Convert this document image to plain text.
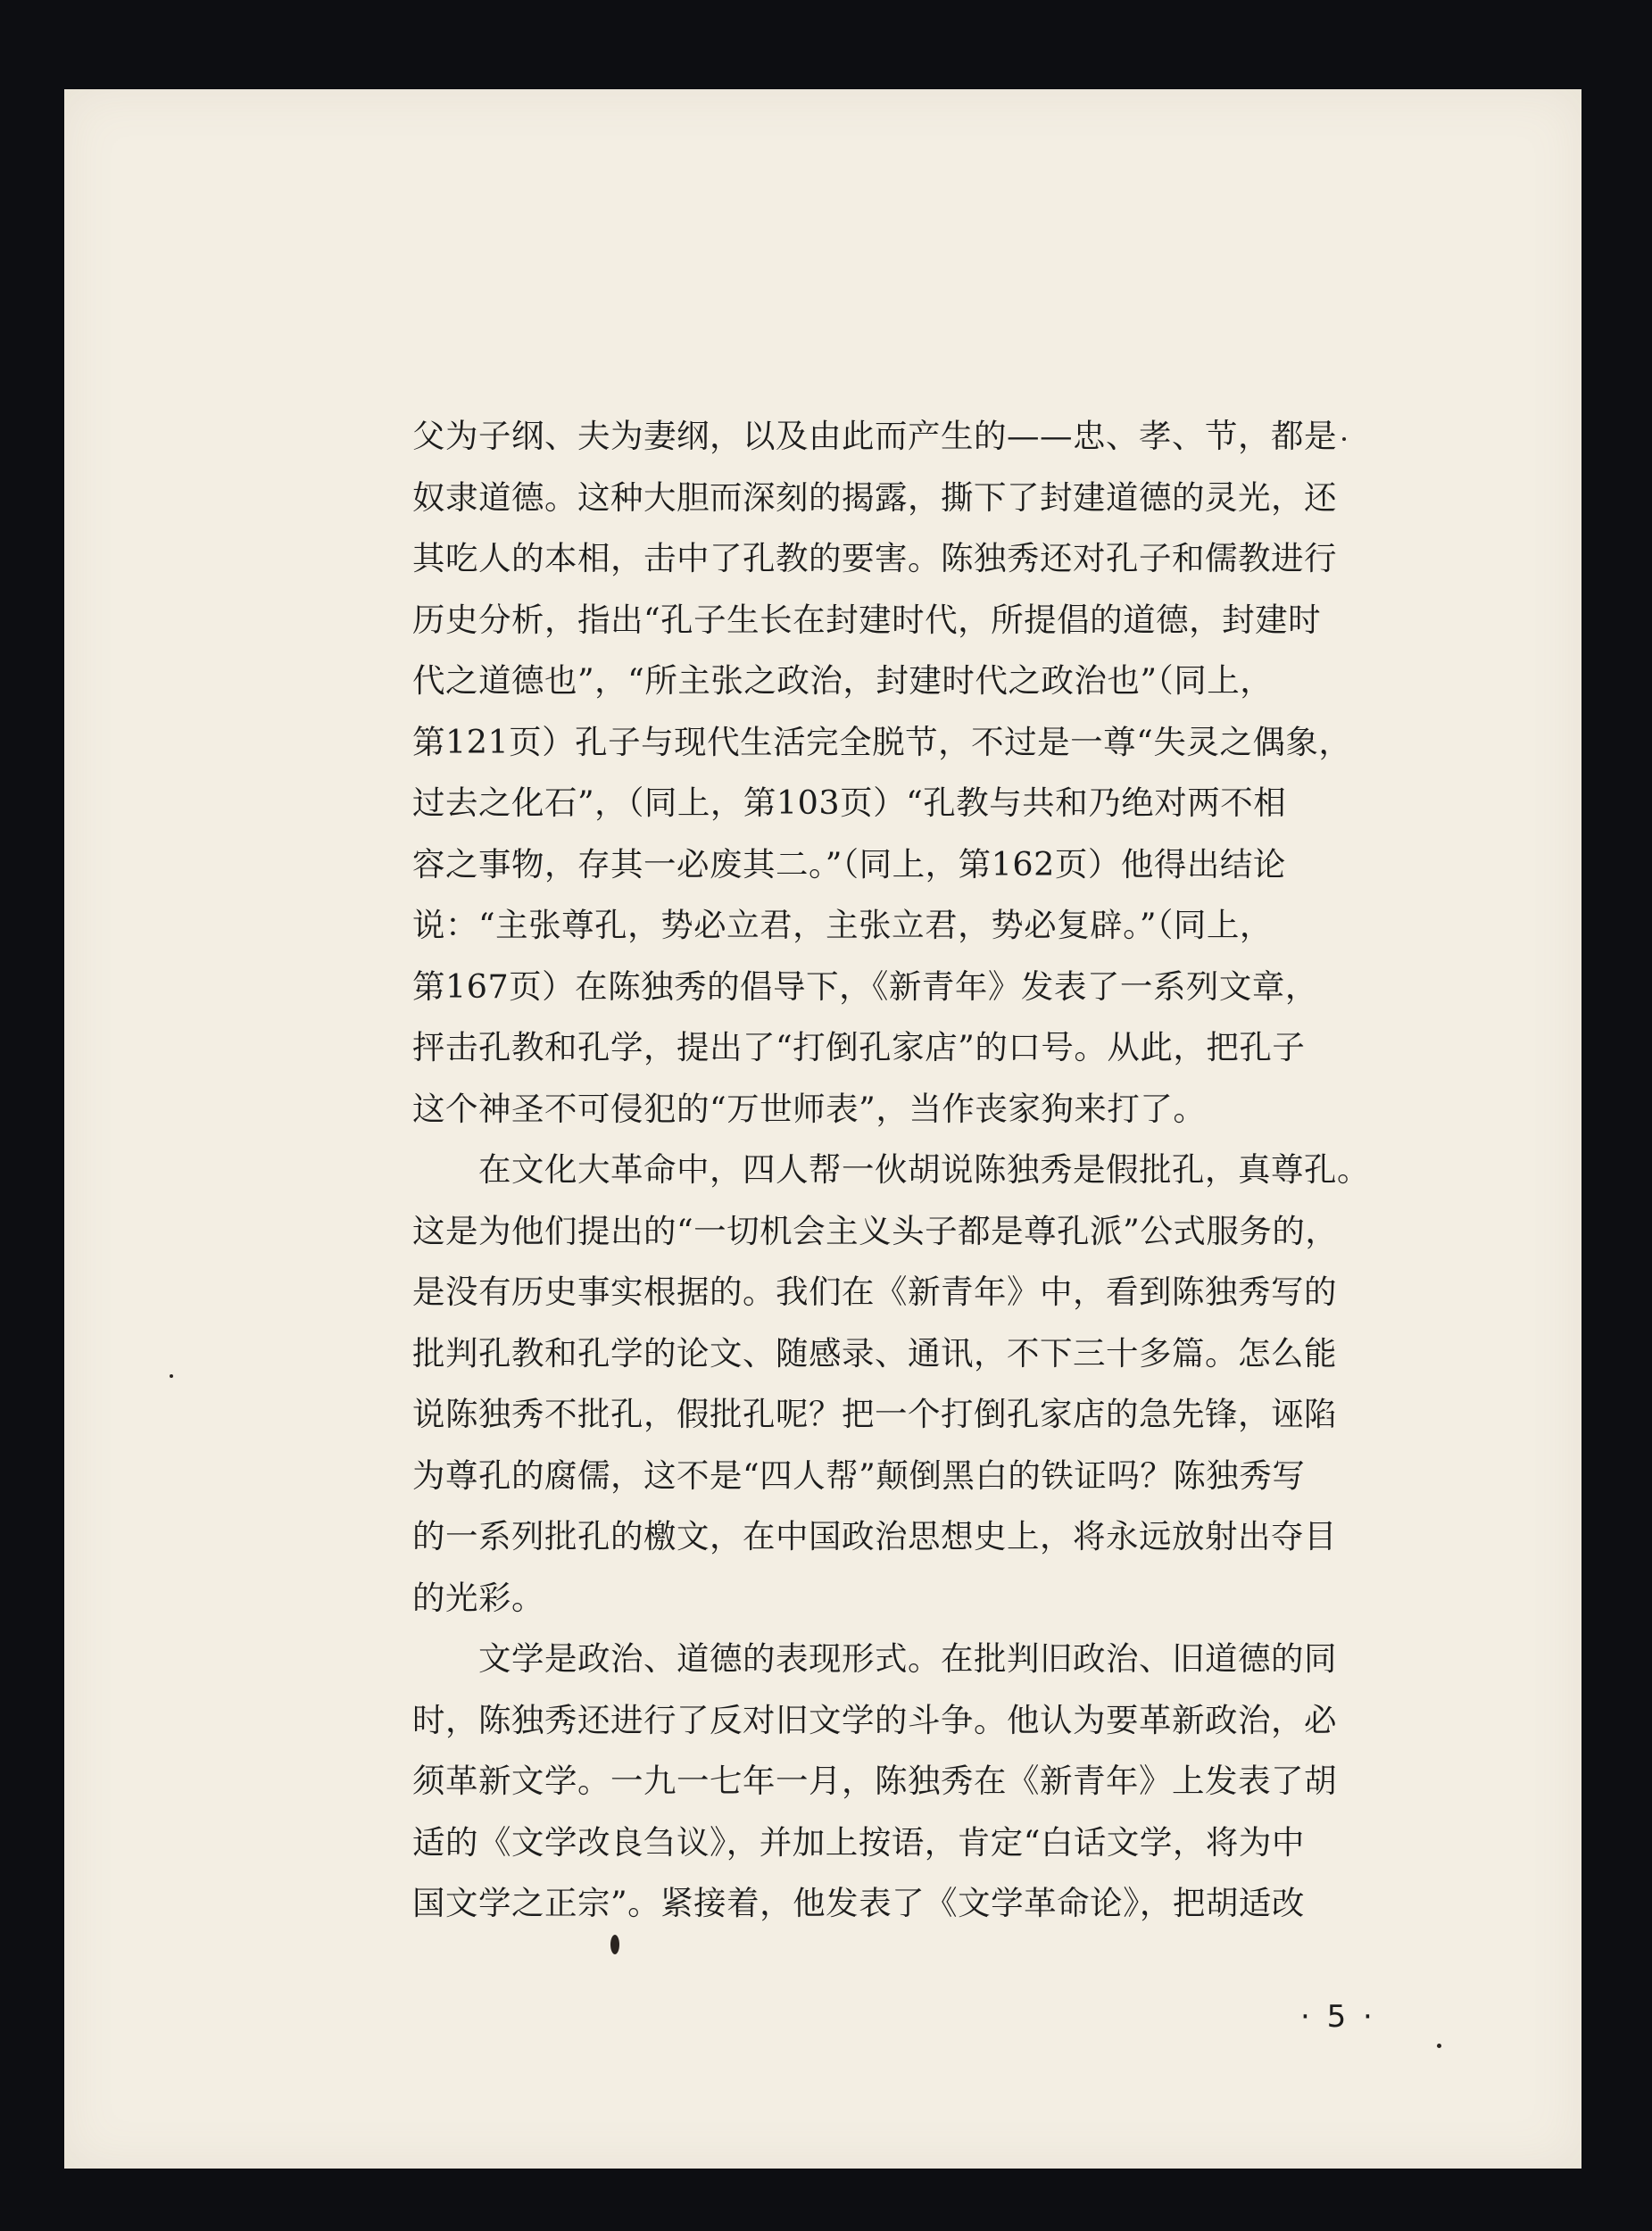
父为子纲、夫为妻纲，以及由此而产生的——忠、孝、节，都是
奴隶道德。这种大胆而深刻的揭露，撕下了封建道德的灵光，还
其吃人的本相，击中了孔教的要害。陈独秀还对孔子和儒教进行
历史分析，指出“孔子生长在封建时代，所提倡的道德，封建时
代之道德也”，“所主张之政治，封建时代之政治也”（同上，
第121页）孔子与现代生活完全脱节，不过是一尊“失灵之偶象，
过去之化石”，（同上，第103页）“孔教与共和乃绝对两不相
容之事物，存其一必废其二。”（同上，第162页）他得出结论
说：“主张尊孔，势必立君，主张立君，势必复辟。”（同上，
第167页）在陈独秀的倡导下，《新青年》发表了一系列文章，
抨击孔教和孔学，提出了“打倒孔家店”的口号。从此，把孔子
这个神圣不可侵犯的“万世师表”，当作丧家狗来打了。
　　在文化大革命中，四人帮一伙胡说陈独秀是假批孔，真尊孔。
这是为他们提出的“一切机会主义头子都是尊孔派”公式服务的，
是没有历史事实根据的。我们在《新青年》中，看到陈独秀写的
批判孔教和孔学的论文、随感录、通讯，不下三十多篇。怎么能
说陈独秀不批孔，假批孔呢？把一个打倒孔家店的急先锋，诬陷
为尊孔的腐儒，这不是“四人帮”颠倒黑白的铁证吗？陈独秀写
的一系列批孔的檄文，在中国政治思想史上，将永远放射出夺目
的光彩。
　　文学是政治、道德的表现形式。在批判旧政治、旧道德的同
时，陈独秀还进行了反对旧文学的斗争。他认为要革新政治，必
须革新文学。一九一七年一月，陈独秀在《新青年》上发表了胡
适的《文学改良刍议》，并加上按语，肯定“白话文学，将为中
国文学之正宗”。紧接着，他发表了《文学革命论》，把胡适改
· 5 ·
